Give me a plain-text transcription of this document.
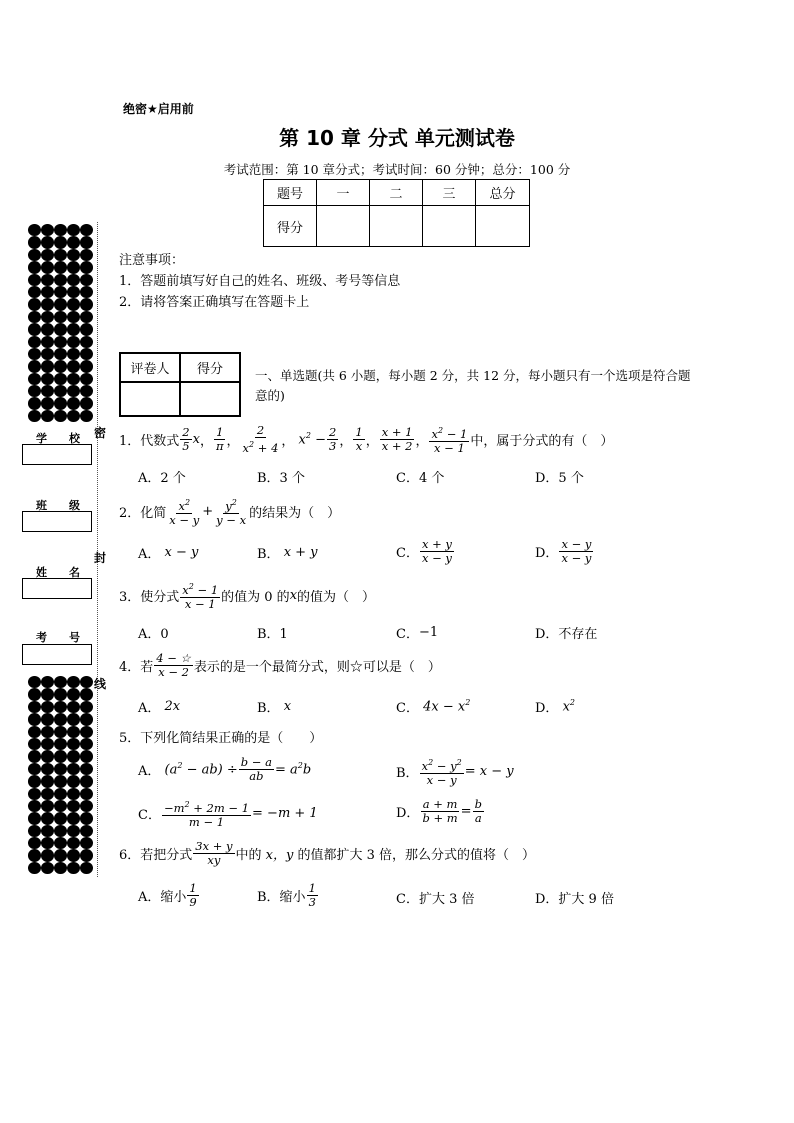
绝密★启用前
第 10 章 分式 单元测试卷
考试范围：第 10 章分式；考试时间：60 分钟；总分：100 分
题号	一	二	三	总分
得分				
注意事项：
1．答题前填写好自己的姓名、班级、考号等信息
2．请将答案正确填写在答题卡上
评卷人	得分
		一、单选题(共 6 小题，每小题 2 分，共 12 分，每小题只有一个选项是符合题意的)
1．代数式 $\frac{2}{5}$ x ， $\frac{1}{\pi}$ ， $\frac{2}{x^2 + 4}$ ， $x^2 - \frac{2}{3}$ ， $\frac{1}{x}$ ， $\frac{x + 1}{x + 2}$ ， $\frac{x^2 - 1}{x - 1}$ 中，属于分式的有（　）
A．2 个	B．3 个	C．4 个	D．5 个
2．化简 $\frac{x^2}{x - y} + \frac{y^2}{y - x}$ 的结果为（　）
A． x − y	B． x + y	C． $\frac{x + y}{x - y}$	D． $\frac{x - y}{x - y}$
3．使分式 $\frac{x^2 - 1}{x - 1}$ 的值为 0 的 x 的值为（　）
A．0	B．1	C． −1	D．不存在
4．若 $\frac{4 - ☆}{x - 2}$ 表示的是一个最简分式，则☆可以是（　）
A． 2x	B． x	C． $4x - x^2$	D． $x^2$
5．下列化简结果正确的是（　　）
A． $(a^2 - ab) \div \frac{b - a}{ab} = a^2b$	B． $\frac{x^2 - y^2}{x - y} = x - y$
C． $\frac{-m^2 + 2m - 1}{m - 1} = -m + 1$	D． $\frac{a + m}{b + m} = \frac{b}{a}$
6．若把分式 $\frac{3x + y}{xy}$ 中的 x，y 的值都扩大 3 倍，那么分式的值将（　）
A．缩小 $\frac{1}{9}$	B．缩小 $\frac{1}{3}$	C．扩大 3 倍	D．扩大 9 倍
学 校
班 级
姓 名
考 号
密
封
线
